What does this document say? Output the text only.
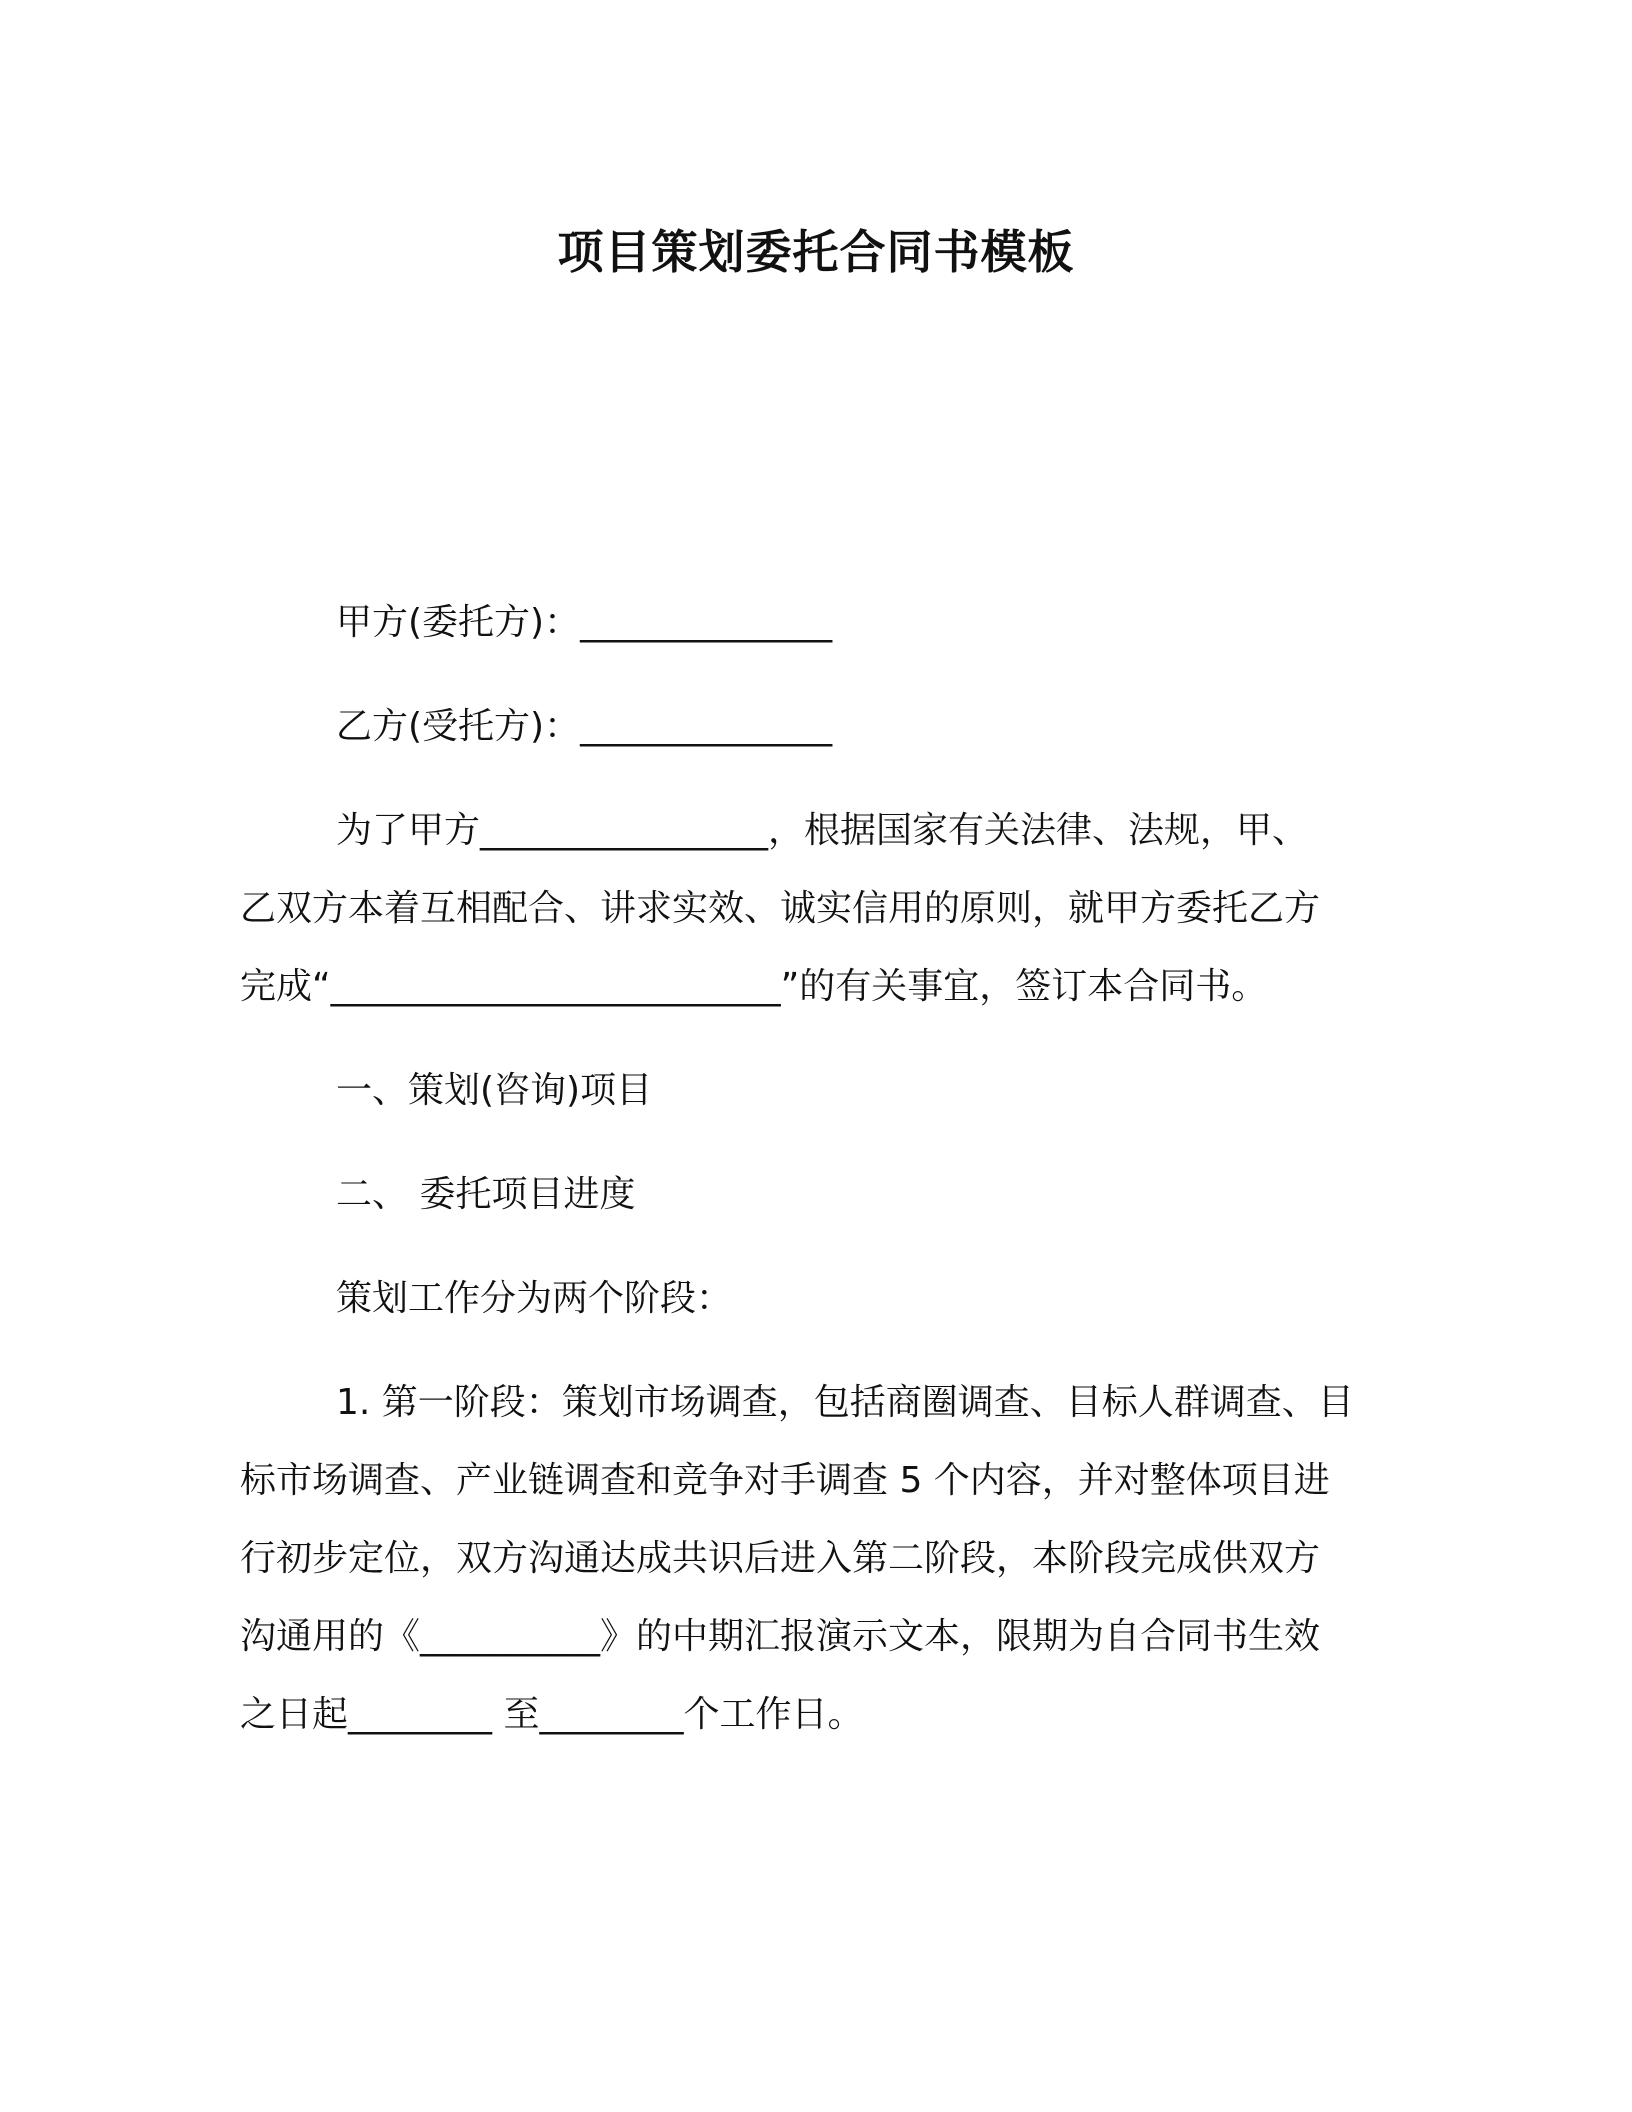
项目策划委托合同书模板
甲方(委托方)：______________
乙方(受托方)：______________
为了甲方________________，根据国家有关法律、法规，甲、
乙双方本着互相配合、讲求实效、诚实信用的原则，就甲方委托乙方
完成“_________________________”的有关事宜，签订本合同书。
一、策划(咨询)项目
二、 委托项目进度
策划工作分为两个阶段：
1. 第一阶段：策划市场调查，包括商圈调查、目标人群调查、目
标市场调查、产业链调查和竞争对手调查 5 个内容，并对整体项目进
行初步定位，双方沟通达成共识后进入第二阶段，本阶段完成供双方
沟通用的《__________》的中期汇报演示文本，限期为自合同书生效
之日起________ 至________个工作日。
